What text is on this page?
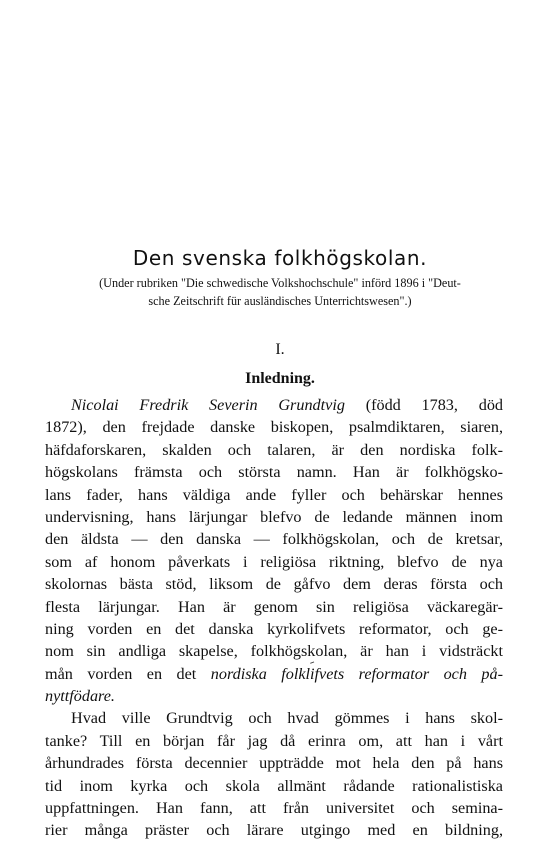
Den svenska folkhögskolan.
(Under rubriken "Die schwedische Volkshochschule" införd 1896 i "Deut-
sche Zeitschrift für ausländisches Unterrichtswesen".)
I.
Inledning.
Nicolai Fredrik Severin Grundtvig (född 1783, död
1872), den frejdade danske biskopen, psalmdiktaren, siaren,
häfdaforskaren, skalden och talaren, är den nordiska folk-
högskolans främsta och största namn. Han är folkhögsko-
lans fader, hans väldiga ande fyller och behärskar hennes
undervisning, hans lärjungar blefvo de ledande männen inom
den äldsta — den danska — folkhögskolan, och de kretsar,
som af honom påverkats i religiösa riktning, blefvo de nya
skolornas bästa stöd, liksom de gåfvo dem deras första och
flesta lärjungar. Han är genom sin religiösa väckaregär-
ning vorden en det danska kyrkolifvets reformator, och ge-
nom sin andliga skapelse, folkhögskolan, är han i vidsträckt
mån vorden en det nordiska folklifvets reformator och på-
nyttfödare.
Hvad ville Grundtvig och hvad gömmes i hans skol-
tanke? Till en början får jag då erinra om, att han i vårt
århundrades första decennier uppträdde mot hela den på hans
tid inom kyrka och skola allmänt rådande rationalistiska
uppfattningen. Han fann, att från universitet och semina-
rier många präster och lärare utgingo med en bildning,
